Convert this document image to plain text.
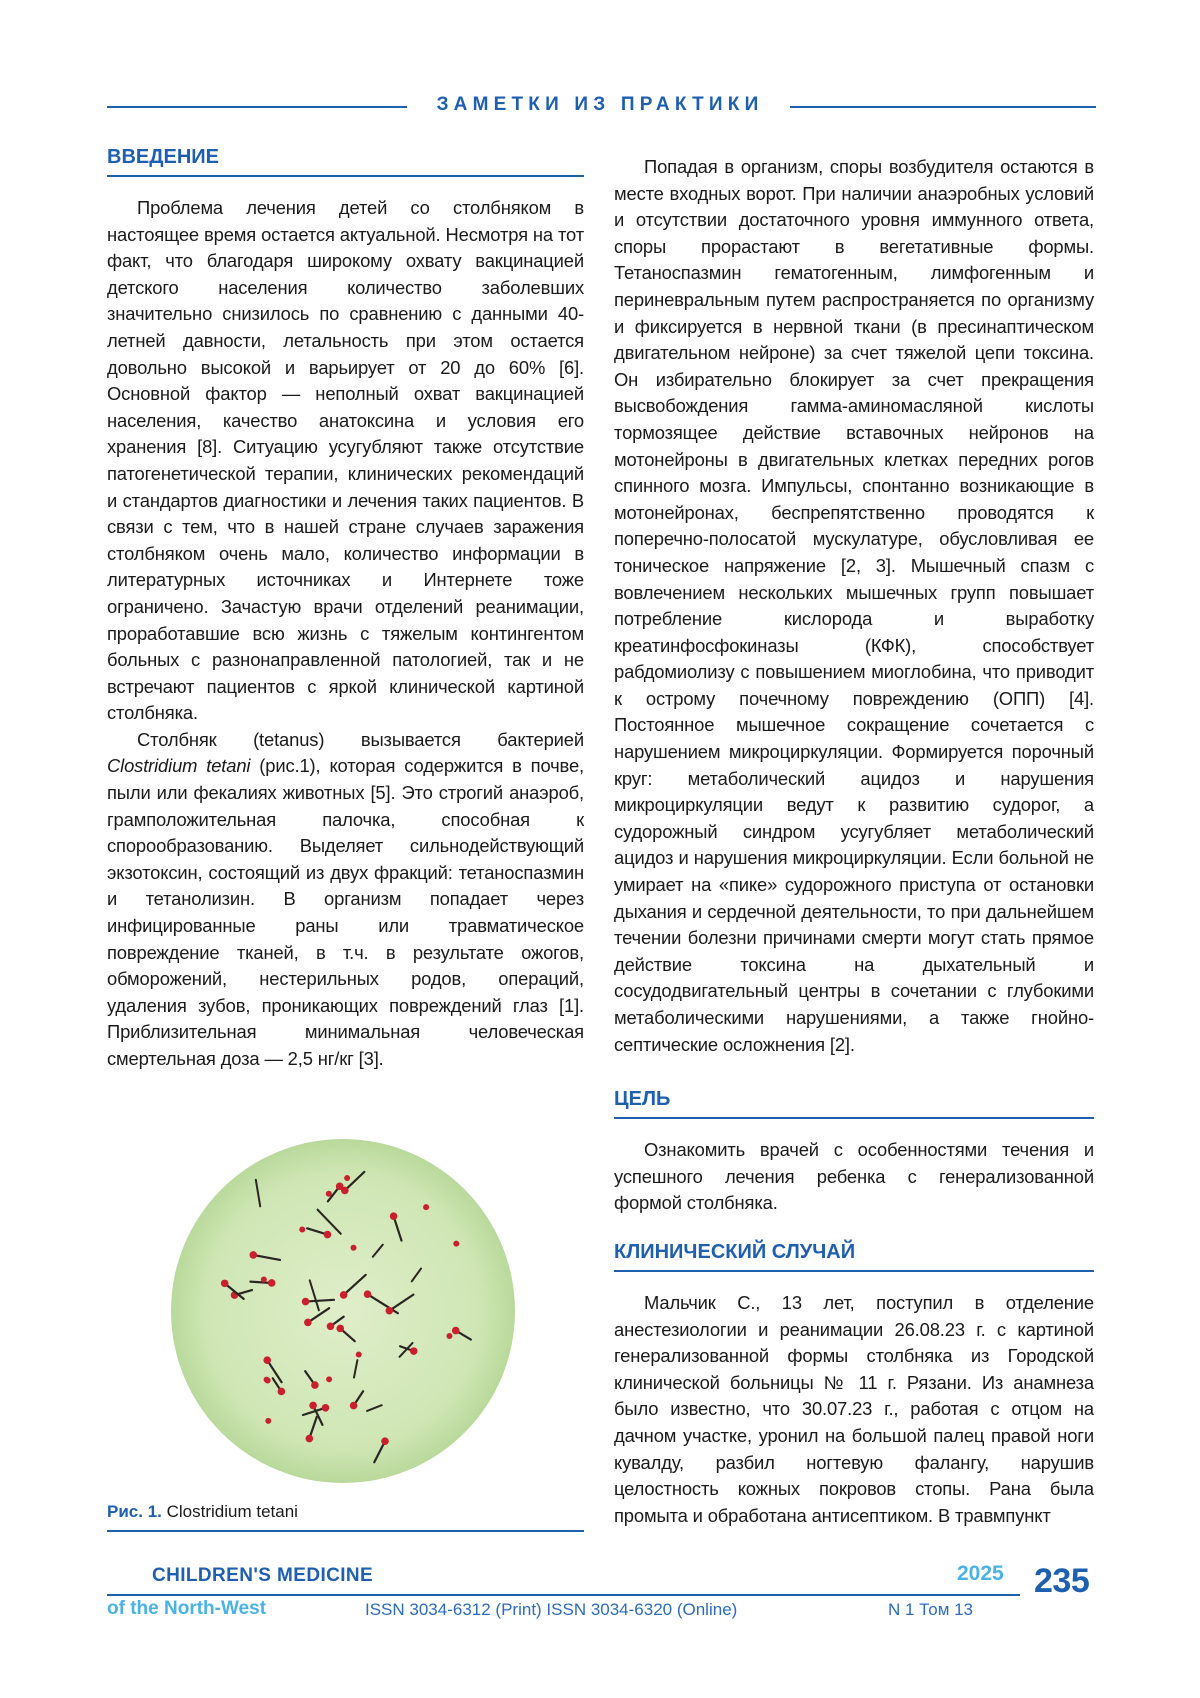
ЗАМЕТКИ ИЗ ПРАКТИКИ
ВВЕДЕНИЕ

Проблема лечения детей со столбняком в настоящее время остается актуальной. Несмотря на тот факт, что благодаря широкому охвату вакцинацией детского населения количество заболевших значительно снизилось по сравнению с данными 40-летней давности, летальность при этом остается довольно высокой и варьирует от 20 до 60% [6]. Основной фактор — неполный охват вакцинацией населения, качество анатоксина и условия его хранения [8]. Ситуацию усугубляют также отсутствие патогенетической терапии, клинических рекомендаций и стандартов диагностики и лечения таких пациентов. В связи с тем, что в нашей стране случаев заражения столбняком очень мало, количество информации в литературных источниках и Интернете тоже ограничено. Зачастую врачи отделений реанимации, проработавшие всю жизнь с тяжелым контингентом больных с разнонаправленной патологией, так и не встречают пациентов с яркой клинической картиной столбняка.

Столбняк (tetanus) вызывается бактерией Clostridium tetani (рис.1), которая содержится в почве, пыли или фекалиях животных [5]. Это строгий анаэроб, грамположительная палочка, способная к спорообразованию. Выделяет сильнодействующий экзотоксин, состоящий из двух фракций: тетаноспазмин и тетанолизин. В организм попадает через инфицированные раны или травматическое повреждение тканей, в т.ч. в результате ожогов, обморожений, нестерильных родов, операций, удаления зубов, проникающих повреждений глаз [1]. Приблизительная минимальная человеческая смертельная доза — 2,5 нг/кг [3].

Рис. 1. Clostridium tetani

Попадая в организм, споры возбудителя остаются в месте входных ворот. При наличии анаэробных условий и отсутствии достаточного уровня иммунного ответа, споры прорастают в вегетативные формы. Тетаноспазмин гематогенным, лимфогенным и периневральным путем распространяется по организму и фиксируется в нервной ткани (в пресинаптическом двигательном нейроне) за счет тяжелой цепи токсина. Он избирательно блокирует за счет прекращения высвобождения гамма-аминомасляной кислоты тормозящее действие вставочных нейронов на мотонейроны в двигательных клетках передних рогов спинного мозга. Импульсы, спонтанно возникающие в мотонейронах, беспрепятственно проводятся к поперечно-полосатой мускулатуре, обусловливая ее тоническое напряжение [2, 3]. Мышечный спазм с вовлечением нескольких мышечных групп повышает потребление кислорода и выработку креатинфосфокиназы (КФК), способствует рабдомиолизу с повышением миоглобина, что приводит к острому почечному повреждению (ОПП) [4]. Постоянное мышечное сокращение сочетается с нарушением микроциркуляции. Формируется порочный круг: метаболический ацидоз и нарушения микроциркуляции ведут к развитию судорог, а судорожный синдром усугубляет метаболический ацидоз и нарушения микроциркуляции. Если больной не умирает на «пике» судорожного приступа от остановки дыхания и сердечной деятельности, то при дальнейшем течении болезни причинами смерти могут стать прямое действие токсина на дыхательный и сосудодвигательный центры в сочетании с глубокими метаболическими нарушениями, а также гнойно-септические осложнения [2].

ЦЕЛЬ

Ознакомить врачей с особенностями течения и успешного лечения ребенка с генерализованной формой столбняка.

КЛИНИЧЕСКИЙ СЛУЧАЙ

Мальчик С., 13 лет, поступил в отделение анестезиологии и реанимации 26.08.23 г. с картиной генерализованной формы столбняка из Городской клинической больницы № 11 г. Рязани. Из анамнеза было известно, что 30.07.23 г., работая с отцом на дачном участке, уронил на большой палец правой ноги кувалду, разбил ногтевую фалангу, нарушив целостность кожных покровов стопы. Рана была промыта и обработана антисептиком. В травмпункт

CHILDREN'S MEDICINE	2025 235
of the North-West	ISSN 3034-6312 (Print) ISSN 3034-6320 (Online)	N 1 Том 13
